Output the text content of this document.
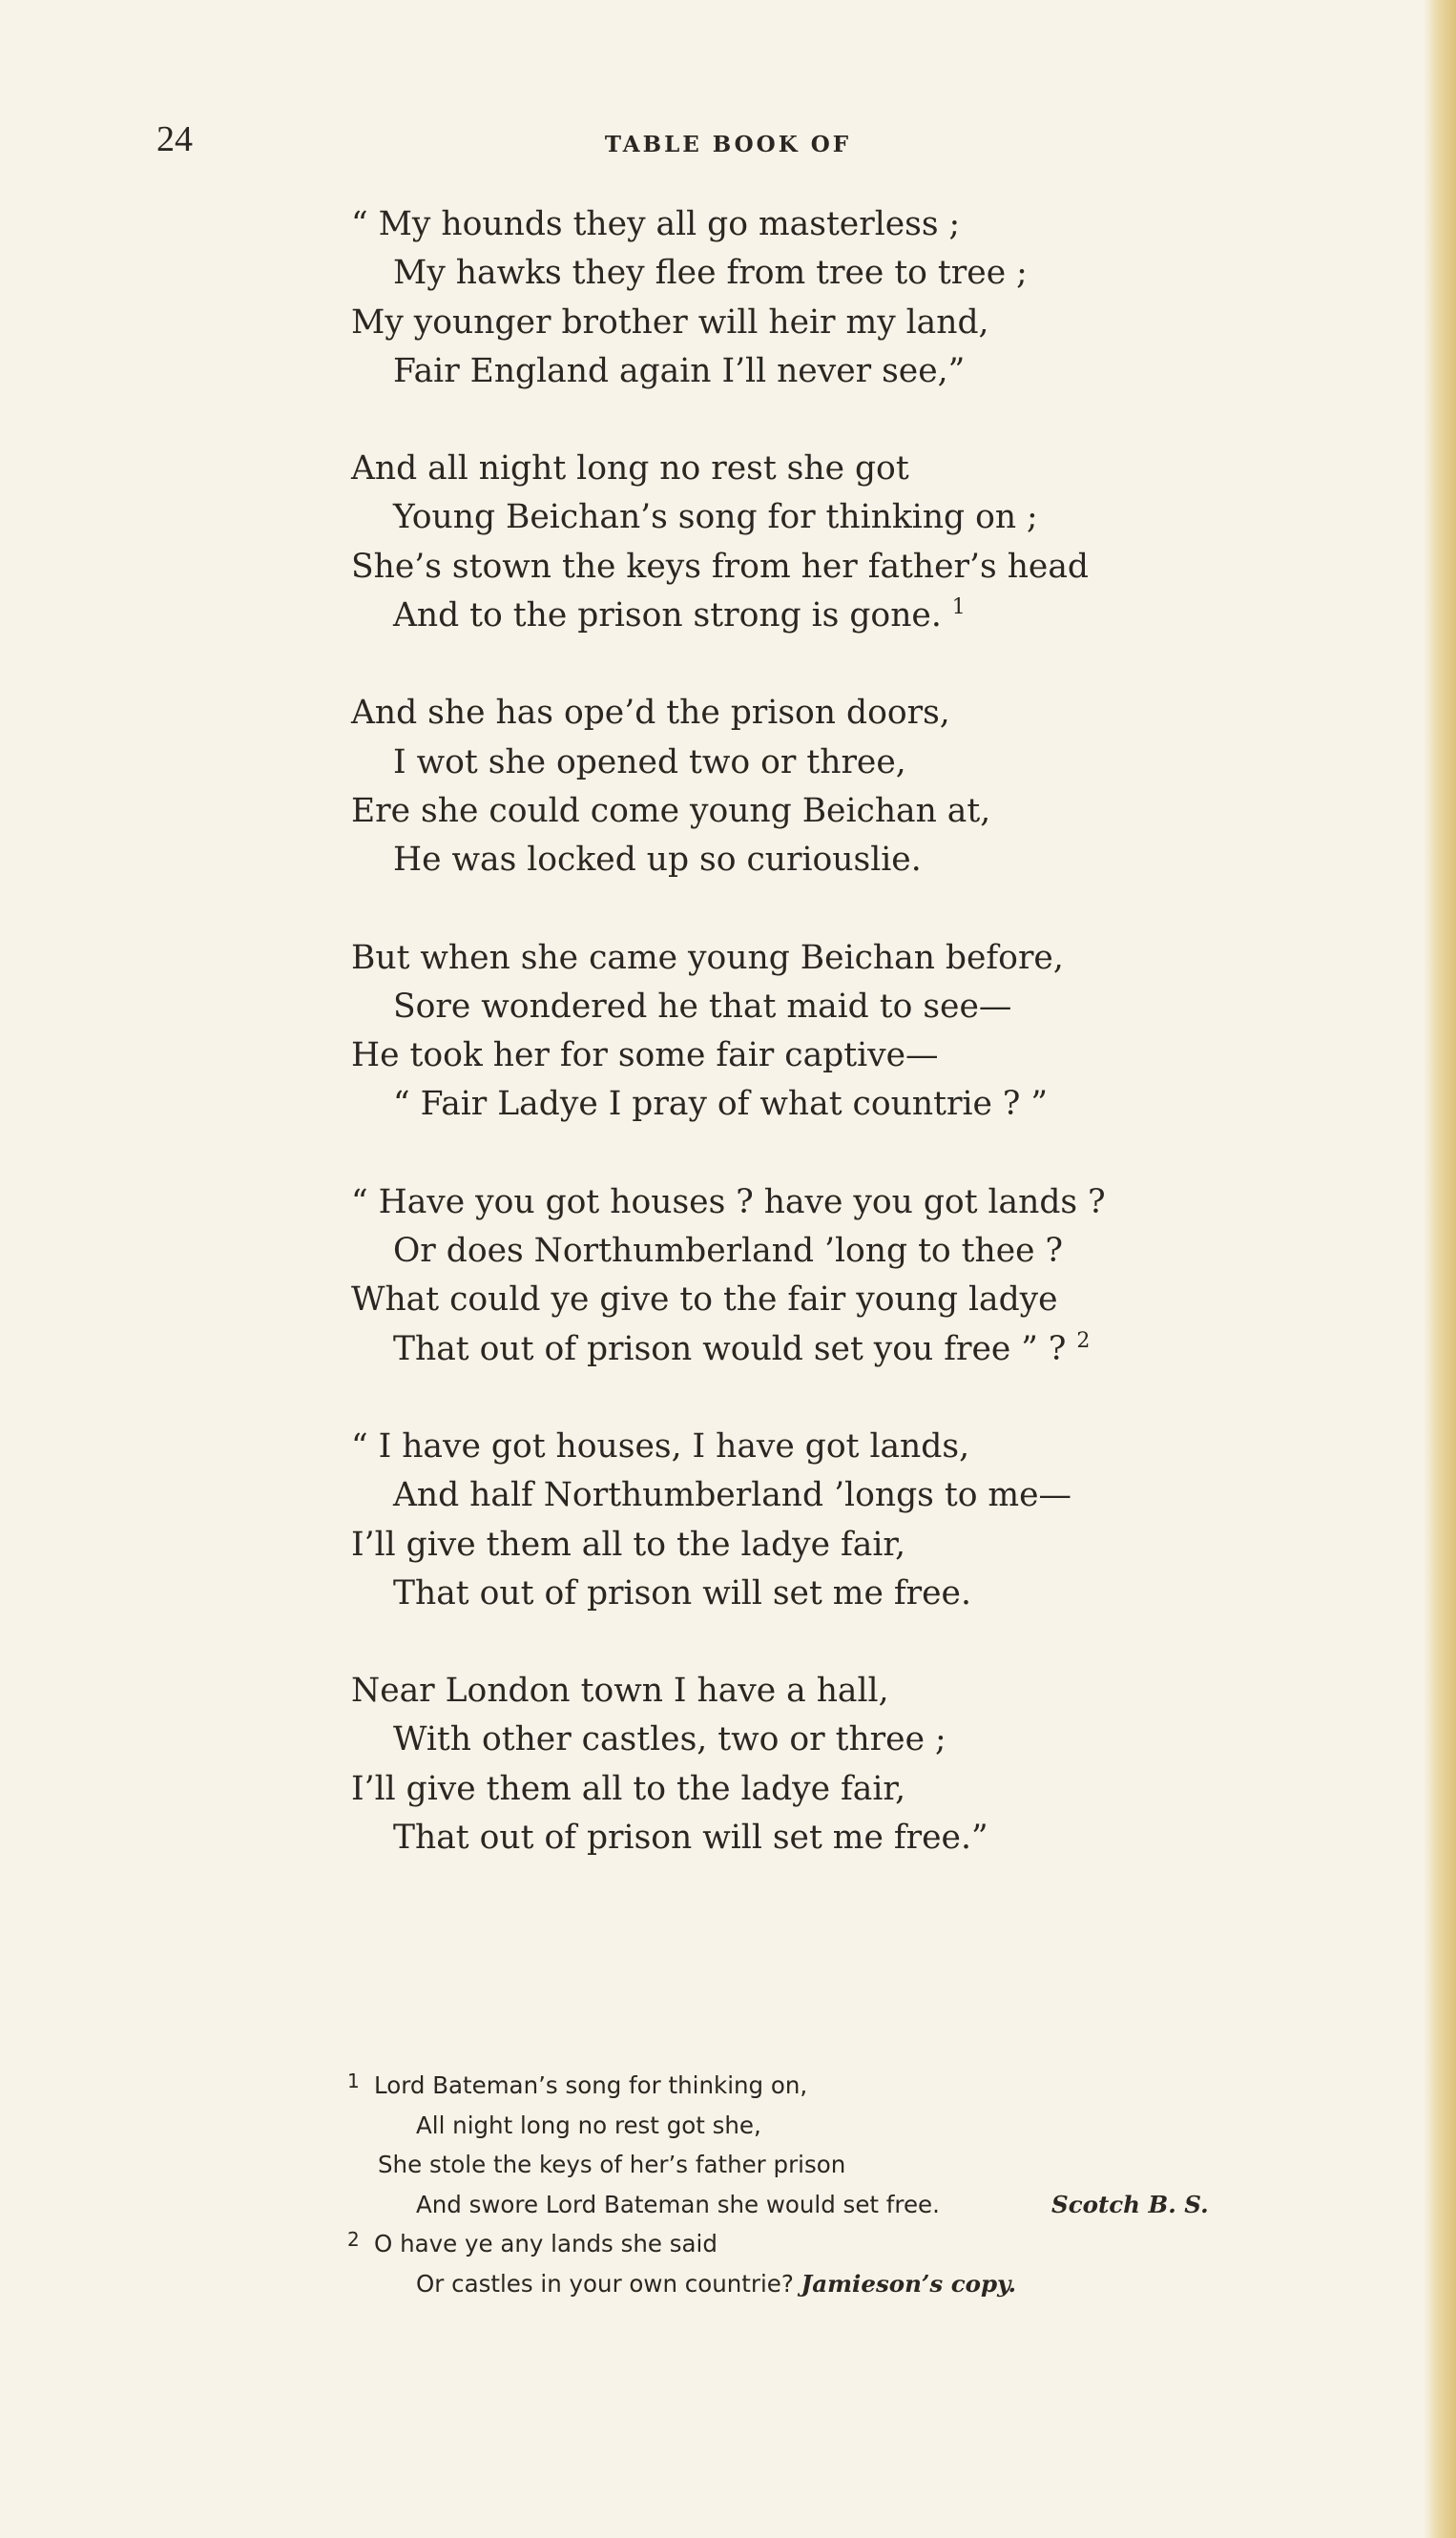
24	TABLE BOOK OF
“ My hounds they all go masterless ;
My hawks they flee from tree to tree ;
My younger brother will heir my land,
Fair England again I’ll never see,”
And all night long no rest she got
Young Beichan’s song for thinking on ;
She’s stown the keys from her father’s head
And to the prison strong is gone. $^1$
And she has ope’d the prison doors,
I wot she opened two or three,
Ere she could come young Beichan at,
He was locked up so curiouslie.
But when she came young Beichan before,
Sore wondered he that maid to see—
He took her for some fair captive—
“ Fair Ladye I pray of what countrie ? ”
“ Have you got houses ? have you got lands ?
Or does Northumberland ’long to thee ?
What could ye give to the fair young ladye
That out of prison would set you free ” ? $^2$
“ I have got houses, I have got lands,
And half Northumberland ’longs to me—
I’ll give them all to the ladye fair,
That out of prison will set me free.
Near London town I have a hall,
With other castles, two or three ;
I’ll give them all to the ladye fair,
That out of prison will set me free.”
1 Lord Bateman’s song for thinking on,
All night long no rest got she,
She stole the keys of her’s father prison
And swore Lord Bateman she would set free.	Scotch B. S.
2 O have ye any lands she said
Or castles in your own countrie? Jamieson’s copy.
